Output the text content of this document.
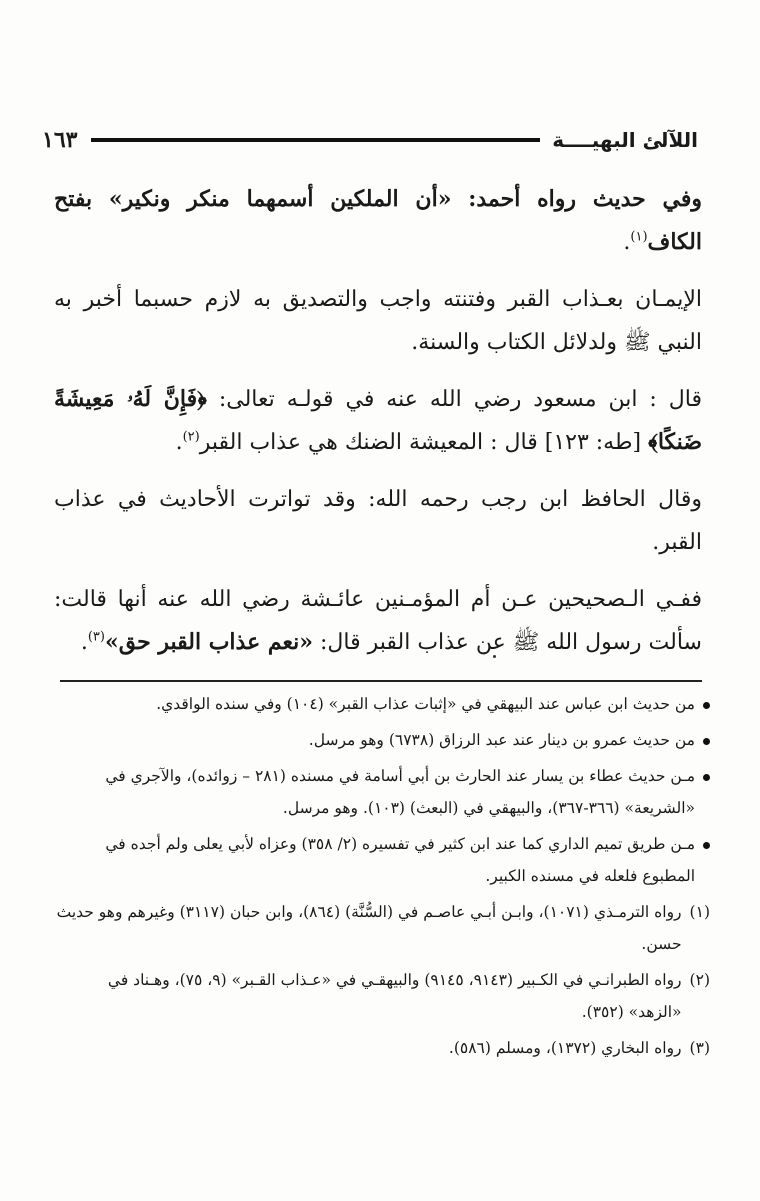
١٦٣	اللآلئ البهيــــة

وفي حديث رواه أحمد: «أن الملكين أسمهما منكر ونكير» بفتح الكاف$^{(١)}$.

الإيمـان بعـذاب القبر وفتنته واجب والتصديق به لازم حسبما أخبر به النبي ﷺ ولدلائل الكتاب والسنة.

قال : ابن مسعود رضي الله عنه في قولـه تعالى: ﴿فَإِنَّ لَهُۥ مَعِيشَةً ضَنكًا﴾ [طه: ١٢٣] قال : المعيشة الضنك هي عذاب القبر$^{(٢)}$.

وقال الحافظ ابن رجب رحمه الله: وقد تواترت الأحاديث في عذاب القبر.

ففـي الـصحيحين عـن أم المؤمـنين عائـشة رضي الله عنه أنها قالت: سألت رسول الله ﷺ عن عذاب القبر قال: «نعم عذاب القبر حق»$^{(٣)}$.

من حديث ابن عباس عند البيهقي في «إثبات عذاب القبر» (١٠٤) وفي سنده الواقدي.
من حديث عمرو بن دينار عند عبد الرزاق (٦٧٣٨) وهو مرسل.
مـن حديث عطاء بن يسار عند الحارث بن أبي أسامة في مسنده (٢٨١ – زوائده)، والآجري في «الشريعة» (٣٦٦-٣٦٧)، والبيهقي في (البعث) (١٠٣). وهو مرسل.
مـن طريق تميم الداري كما عند ابن كثير في تفسيره (٢/ ٣٥٨) وعزاه لأبي يعلى ولم أجده في المطبوع فلعله في مسنده الكبير.
(١)
رواه الترمـذي (١٠٧١)، وابـن أبـي عاصـم في (السُّنَّة) (٨٦٤)، وابن حبان (٣١١٧) وغيرهم وهو حديث حسن.
(٢)
رواه الطبرانـي في الكـبير (٩١٤٣، ٩١٤٥) والبيهقـي في «عـذاب القـبر» (٩، ٧٥)، وهـناد في «الزهد» (٣٥٢).
(٣)
رواه البخاري (١٣٧٢)، ومسلم (٥٨٦).
